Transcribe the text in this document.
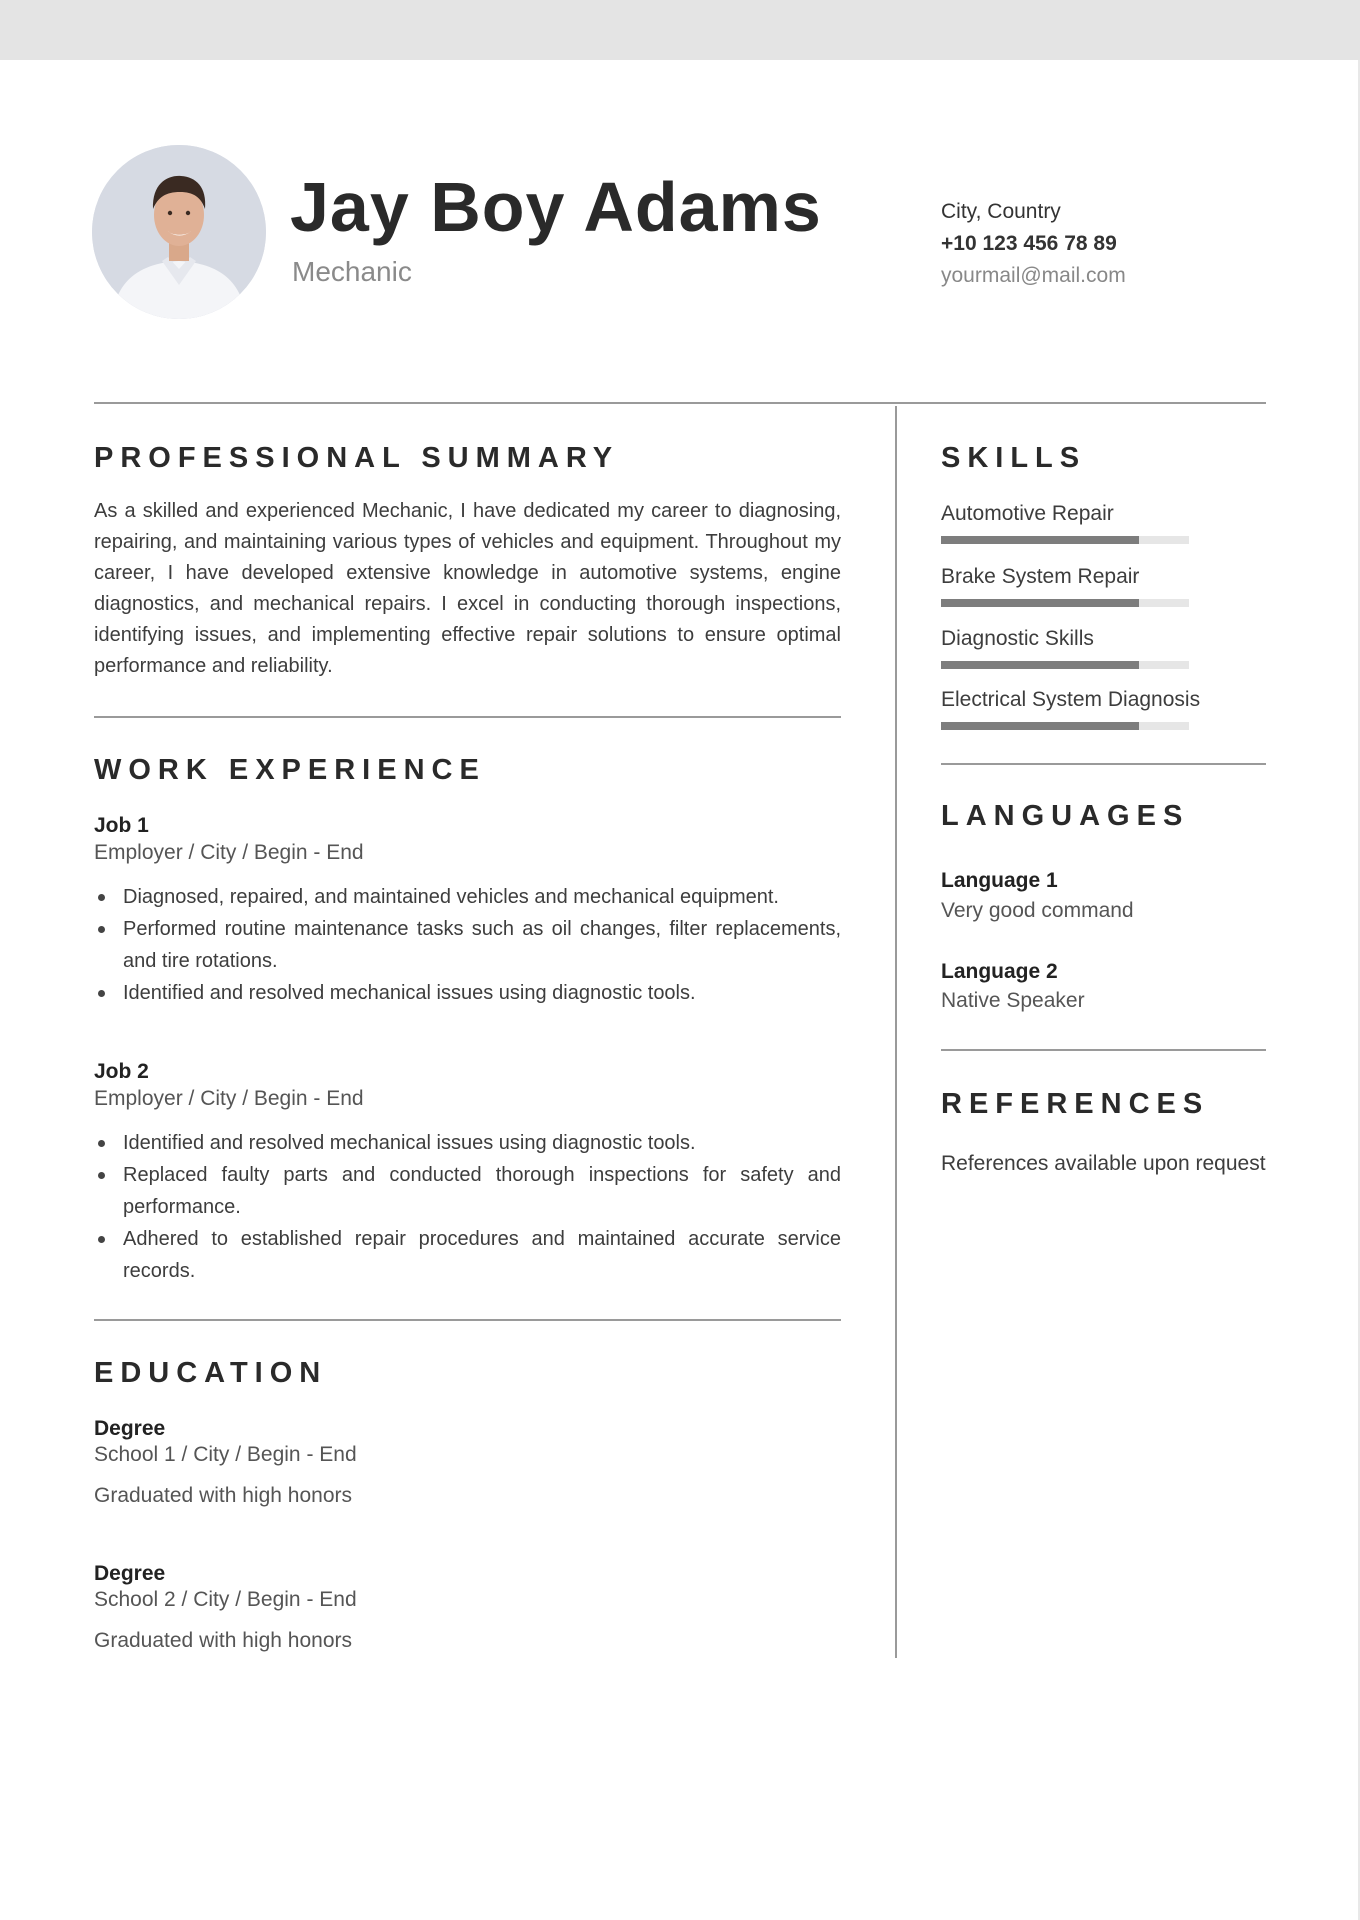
Jay Boy Adams
Mechanic
City, Country
+10 123 456 78 89
yourmail@mail.com
PROFESSIONAL SUMMARY
As a skilled and experienced Mechanic, I have dedicated my career to diagnosing, repairing, and maintaining various types of vehicles and equipment. Throughout my career, I have developed extensive knowledge in automotive systems, engine diagnostics, and mechanical repairs. I excel in conducting thorough inspections, identifying issues, and implementing effective repair solutions to ensure optimal performance and reliability.
WORK EXPERIENCE
Job 1
Employer / City / Begin - End
Diagnosed, repaired, and maintained vehicles and mechanical equipment.
Performed routine maintenance tasks such as oil changes, filter replacements, and tire rotations.
Identified and resolved mechanical issues using diagnostic tools.
Job 2
Employer / City / Begin - End
Identified and resolved mechanical issues using diagnostic tools.
Replaced faulty parts and conducted thorough inspections for safety and performance.
Adhered to established repair procedures and maintained accurate service records.
EDUCATION
Degree
School 1 / City / Begin - End
Graduated with high honors
Degree
School 2 / City / Begin - End
Graduated with high honors
SKILLS
Automotive Repair
Brake System Repair
Diagnostic Skills
Electrical System Diagnosis
LANGUAGES
Language 1
Very good command
Language 2
Native Speaker
REFERENCES
References available upon request
